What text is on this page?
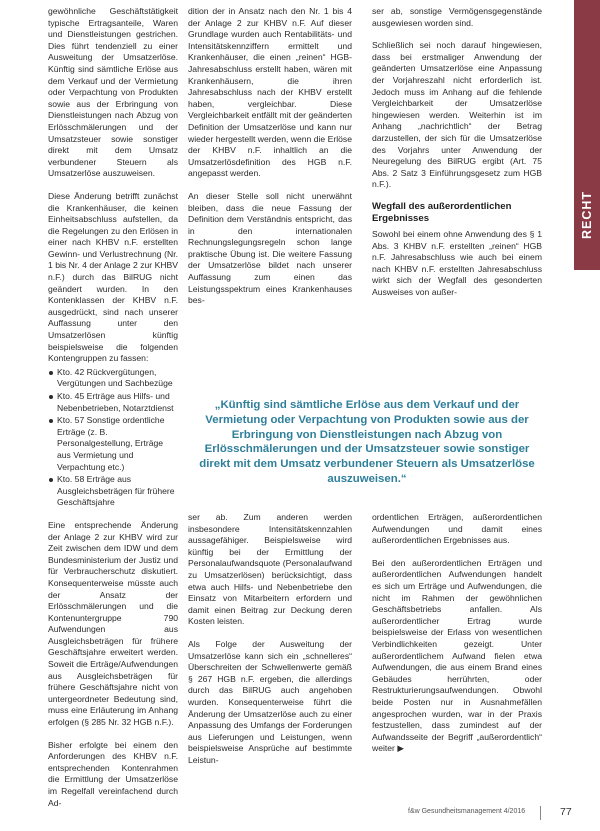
RECHT

gewöhnliche Geschäftstätigkeit typische Ertragsanteile, Waren und Dienstleistungen gestrichen. Dies führt tendenziell zu einer Ausweitung der Umsatzerlöse. Künftig sind sämtliche Erlöse aus dem Verkauf und der Vermietung oder Verpachtung von Produkten sowie aus der Erbringung von Dienstleistungen nach Abzug von Erlösschmälerungen und der Umsatzsteuer sowie sonstiger direkt mit dem Umsatz verbundener Steuern als Umsatzerlöse auszuweisen.

Diese Änderung betrifft zunächst die Krankenhäuser, die keinen Einheitsabschluss aufstellen, da die Regelungen zu den Erlösen in einer nach KHBV n.F. erstellten Gewinn- und Verlustrechnung (Nr. 1 bis Nr. 4 der Anlage 2 zur KHBV n.F.) durch das BilRUG nicht geändert wurden. In den Kontenklassen der KHBV n.F. ausgedrückt, sind nach unserer Auffassung unter den Umsatzerlösen künftig beispielsweise die folgenden Kontengruppen zu fassen:

Kto. 42 Rückvergütungen, Vergütungen und Sachbezüge
Kto. 45 Erträge aus Hilfs- und Nebenbetrieben, Notarztdienst
Kto. 57 Sonstige ordentliche Erträge (z. B. Personalgestellung, Erträge aus Vermietung und Verpachtung etc.)
Kto. 58 Erträge aus Ausgleichsbeträgen für frühere Geschäftsjahre

Eine entsprechende Änderung der Anlage 2 zur KHBV wird zur Zeit zwischen dem IDW und dem Bundesministerium der Justiz und für Verbraucherschutz diskutiert. Konsequenterweise müsste auch der Ansatz der Erlösschmälerungen und die Kontenuntergruppe 790 Aufwendungen aus Ausgleichsbeträgen für frühere Geschäftsjahre erweitert werden. Soweit die Erträge/Aufwendungen aus Ausgleichsbeträgen für frühere Geschäftsjahre nicht von untergeordneter Bedeutung sind, muss eine Erläuterung im Anhang erfolgen (§ 285 Nr. 32 HGB n.F.).

Bisher erfolgte bei einem den Anforderungen des KHBV n.F. entsprechenden Kontenrahmen die Ermittlung der Umsatzerlöse im Regelfall vereinfachend durch Ad-

dition der in Ansatz nach den Nr. 1 bis 4 der Anlage 2 zur KHBV n.F. Auf dieser Grundlage wurden auch Rentabilitäts- und Intensitätskennziffern ermittelt und Krankenhäuser, die einen „reinen“ HGB-Jahresabschluss erstellt haben, wären mit Krankenhäusern, die ihren Jahresabschluss nach der KHBV erstellt haben, vergleichbar. Diese Vergleichbarkeit entfällt mit der geänderten Definition der Umsatzerlöse und kann nur wieder hergestellt werden, wenn die Erlöse der KHBV n.F. inhaltlich an die Umsatzerlösdefinition des HGB n.F. angepasst werden.

An dieser Stelle soll nicht unerwähnt bleiben, dass die neue Fassung der Definition dem Verständnis entspricht, das in den internationalen Rechnungslegungsregeln schon lange praktische Übung ist. Die weitere Fassung der Umsatzerlöse bildet nach unserer Auffassung zum einen das Leistungsspektrum eines Krankenhauses bes-

ser ab, sonstige Vermögensgegenstände ausgewiesen worden sind.

Schließlich sei noch darauf hingewiesen, dass bei erstmaliger Anwendung der geänderten Umsatzerlöse eine Anpassung der Vorjahreszahl nicht erforderlich ist. Jedoch muss im Anhang auf die fehlende Vergleichbarkeit der Umsatzerlöse hingewiesen werden. Weiterhin ist im Anhang „nachrichtlich“ der Betrag darzustellen, der sich für die Umsatzerlöse des Vorjahrs unter Anwendung der Neuregelung des BilRUG ergibt (Art. 75 Abs. 2 Satz 3 Einführungsgesetz zum HGB n.F.).

Wegfall des außerordentlichen Ergebnisses

Sowohl bei einem ohne Anwendung des § 1 Abs. 3 KHBV n.F. erstellten „reinen“ HGB n.F. Jahresabschluss wie auch bei einem nach KHBV n.F. erstellten Jahresabschluss wirkt sich der Wegfall des gesonderten Ausweises von außer-

„Künftig sind sämtliche Erlöse aus dem Verkauf und der Vermietung oder Verpachtung von Produkten sowie aus der Erbringung von Dienstleistungen nach Abzug von Erlösschmälerungen und der Umsatzsteuer sowie sonstiger direkt mit dem Umsatz verbundener Steuern als Umsatzerlöse auszuweisen.“

ser ab. Zum anderen werden insbesondere Intensitätskennzahlen aussagefähiger. Beispielsweise wird künftig bei der Ermittlung der Personalaufwandsquote (Personalaufwand zu Umsatzerlösen) berücksichtigt, dass etwa auch Hilfs- und Nebenbetriebe den Einsatz von Mitarbeitern erfordern und damit einen Beitrag zur Deckung deren Kosten leisten.

Als Folge der Ausweitung der Umsatzerlöse kann sich ein „schnelleres“ Überschreiten der Schwellenwerte gemäß § 267 HGB n.F. ergeben, die allerdings durch das BilRUG auch angehoben wurden. Konsequenterweise führt die Änderung der Umsatzerlöse auch zu einer Anpassung des Umfangs der Forderungen aus Lieferungen und Leistungen, wenn beispielsweise Ansprüche auf bestimmte Leistun-

ordentlichen Erträgen, außerordentlichen Aufwendungen und damit eines außerordentlichen Ergebnisses aus.

Bei den außerordentlichen Erträgen und außerordentlichen Aufwendungen handelt es sich um Erträge und Aufwendungen, die nicht im Rahmen der gewöhnlichen Geschäftsbetriebs anfallen. Als außerordentlicher Ertrag wurde beispielsweise der Erlass von wesentlichen Verbindlichkeiten gezeigt. Unter außerordentlichem Aufwand fielen etwa Aufwendungen, die aus einem Brand eines Gebäudes herrührten, oder Restrukturierungsaufwendungen. Obwohl beide Posten nur in Ausnahmefällen angesprochen wurden, war in der Praxis festzustellen, dass zumindest auf der Aufwandsseite der Begriff „außerordentlich“ weiter ▶

f&w Gesundheitsmanagement 4/2016	77
